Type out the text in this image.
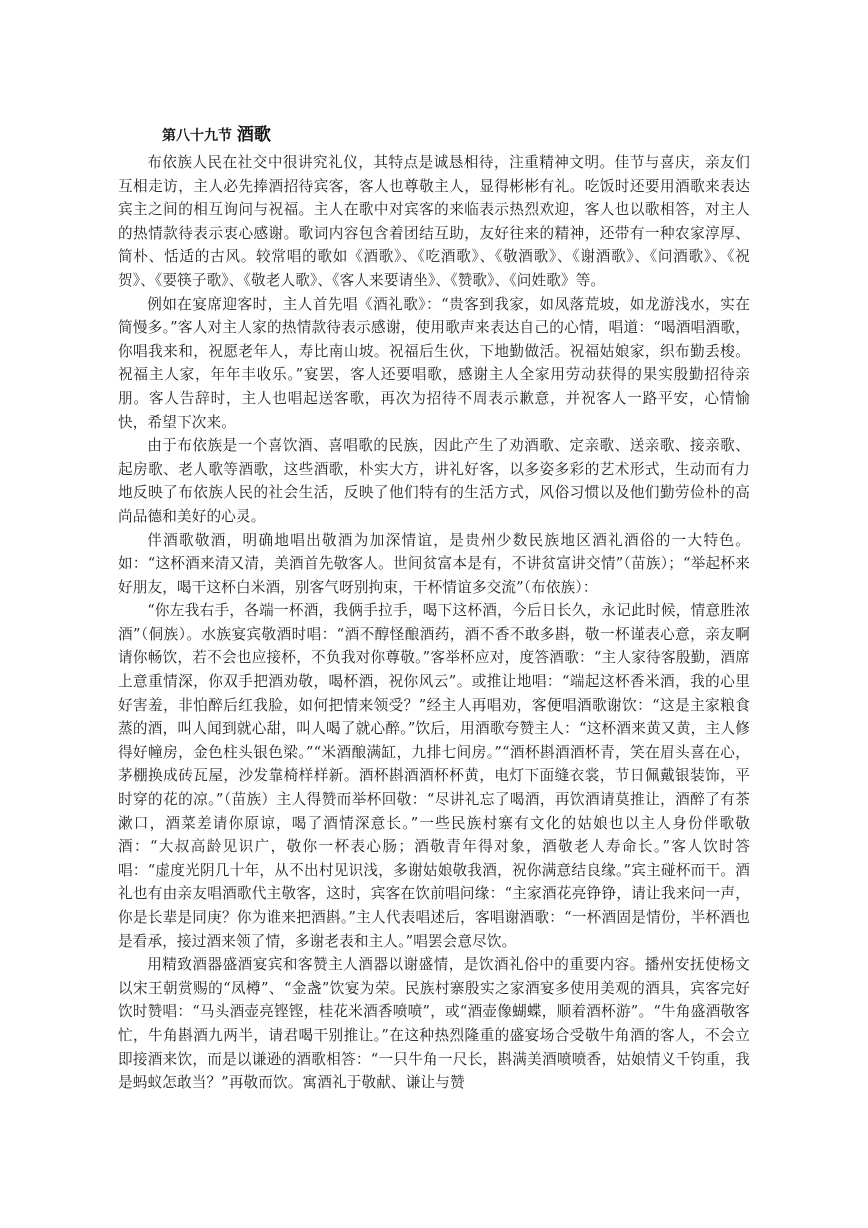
第八十九节 酒歌

布依族人民在社交中很讲究礼仪，其特点是诚恳相待，注重精神文明。佳节与喜庆，亲友们互相走访，主人必先捧酒招待宾客，客人也尊敬主人，显得彬彬有礼。吃饭时还要用酒歌来表达宾主之间的相互询问与祝福。主人在歌中对宾客的来临表示热烈欢迎，客人也以歌相答，对主人的热情款待表示衷心感谢。歌词内容包含着团结互助，友好往来的精神，还带有一种农家淳厚、简朴、恬适的古风。较常唱的歌如《酒歌》、《吃酒歌》、《敬酒歌》、《谢酒歌》、《问酒歌》、《祝贺》、《要筷子歌》、《敬老人歌》、《客人来要请坐》、《赞歌》、《问姓歌》等。

例如在宴席迎客时，主人首先唱《酒礼歌》：“贵客到我家，如凤落荒坡，如龙游浅水，实在简慢多。”客人对主人家的热情款待表示感谢，使用歌声来表达自己的心情，唱道：“喝酒唱酒歌，你唱我来和，祝愿老年人，寿比南山坡。祝福后生伙，下地勤做活。祝福姑娘家，织布勤丢梭。祝福主人家，年年丰收乐。”宴罢，客人还要唱歌，感谢主人全家用劳动获得的果实殷勤招待亲朋。客人告辞时，主人也唱起送客歌，再次为招待不周表示歉意，并祝客人一路平安，心情愉快，希望下次来。

由于布依族是一个喜饮酒、喜唱歌的民族，因此产生了劝酒歌、定亲歌、送亲歌、接亲歌、起房歌、老人歌等酒歌，这些酒歌，朴实大方，讲礼好客，以多姿多彩的艺术形式，生动而有力地反映了布依族人民的社会生活，反映了他们特有的生活方式，风俗习惯以及他们勤劳俭朴的高尚品德和美好的心灵。

伴酒歌敬酒，明确地唱出敬酒为加深情谊，是贵州少数民族地区酒礼酒俗的一大特色。如：“这杯酒来清又清，美酒首先敬客人。世间贫富本是有，不讲贫富讲交情”（苗族）；“举起杯来好朋友，喝干这杯白米酒，别客气呀别拘束，干杯情谊多交流”（布依族）：

“你左我右手，各端一杯酒，我俩手拉手，喝下这杯酒，今后日长久，永记此时候，情意胜浓酒”（侗族）。水族宴宾敬酒时唱：“酒不醇怪酿酒药，酒不香不敢多斟，敬一杯谨表心意，亲友啊请你畅饮，若不会也应接杯，不负我对你尊敬。”客举杯应对，度答酒歌：“主人家待客殷勤，酒席上意重情深，你双手把酒劝敬，喝杯酒，祝你风云”。或推让地唱：“端起这杯香米酒，我的心里好害羞，非怕醉后红我脸，如何把情来领受？”经主人再唱劝，客便唱酒歌谢饮：“这是主家粮食蒸的酒，叫人闻到就心甜，叫人喝了就心醉。”饮后，用酒歌夸赞主人：“这杯酒来黄又黄，主人修得好幢房，金色柱头银色梁。”“米酒酿满缸，九排七间房。”“酒杯斟酒酒杯青，笑在眉头喜在心，茅棚换成砖瓦屋，沙发靠椅样样新。酒杯斟酒酒杯杯黄，电灯下面缝衣裳，节日佩戴银装饰，平时穿的花的凉。”（苗族）主人得赞而举杯回敬：“尽讲礼忘了喝酒，再饮酒请莫推让，酒醉了有茶漱口，酒菜差请你原谅，喝了酒情深意长。”一些民族村寨有文化的姑娘也以主人身份伴歌敬酒：“大叔高龄见识广，敬你一杯表心肠；酒敬青年得对象，酒敬老人寿命长。”客人饮时答唱：“虚度光阴几十年，从不出村见识浅，多谢姑娘敬我酒，祝你满意结良缘。”宾主碰杯而干。酒礼也有由亲友唱酒歌代主敬客，这时，宾客在饮前唱问缘：“主家酒花亮铮铮，请让我来问一声，你是长辈是同庚？你为谁来把酒斟。”主人代表唱述后，客唱谢酒歌：“一杯酒固是情份，半杯酒也是看承，接过酒来领了情，多谢老表和主人。”唱罢会意尽饮。

用精致酒器盛酒宴宾和客赞主人酒器以谢盛情，是饮酒礼俗中的重要内容。播州安抚使杨文以宋王朝赏赐的“凤樽”、“金盏”饮宴为荣。民族村寨殷实之家酒宴多使用美观的酒具，宾客完好饮时赞唱：“马头酒壶亮铿铿，桂花米酒香喷喷”，或“酒壶像蝴蝶，顺着酒杯游”。“牛角盛酒敬客忙，牛角斟酒九两半，请君喝干别推让。”在这种热烈隆重的盛宴场合受敬牛角酒的客人，不会立即接酒来饮，而是以谦逊的酒歌相答：“一只牛角一尺长，斟满美酒喷喷香，姑娘情义千钧重，我是蚂蚁怎敢当？”再敬而饮。寓酒礼于敬献、谦让与赞
